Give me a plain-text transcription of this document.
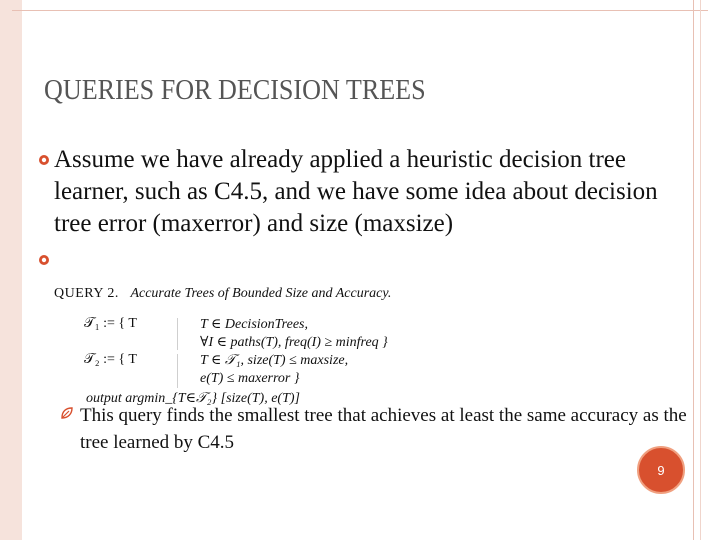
QUERIES FOR DECISION TREES
Assume we have already applied a heuristic decision tree learner, such as C4.5, and we have some idea about decision tree error (maxerror) and size (maxsize)
QUERY 2. Accurate Trees of Bounded Size and Accuracy.
𝒯₁ := { T	T ∈ DecisionTrees,
∀I ∈ paths(T), freq(I) ≥ minfreq }
𝒯₂ := { T	T ∈ 𝒯₁, size(T) ≤ maxsize,
e(T) ≤ maxerror }
output argmin_{T∈𝒯₂} [size(T), e(T)]
This query finds the smallest tree that achieves at least the same accuracy as the tree learned by C4.5
9
